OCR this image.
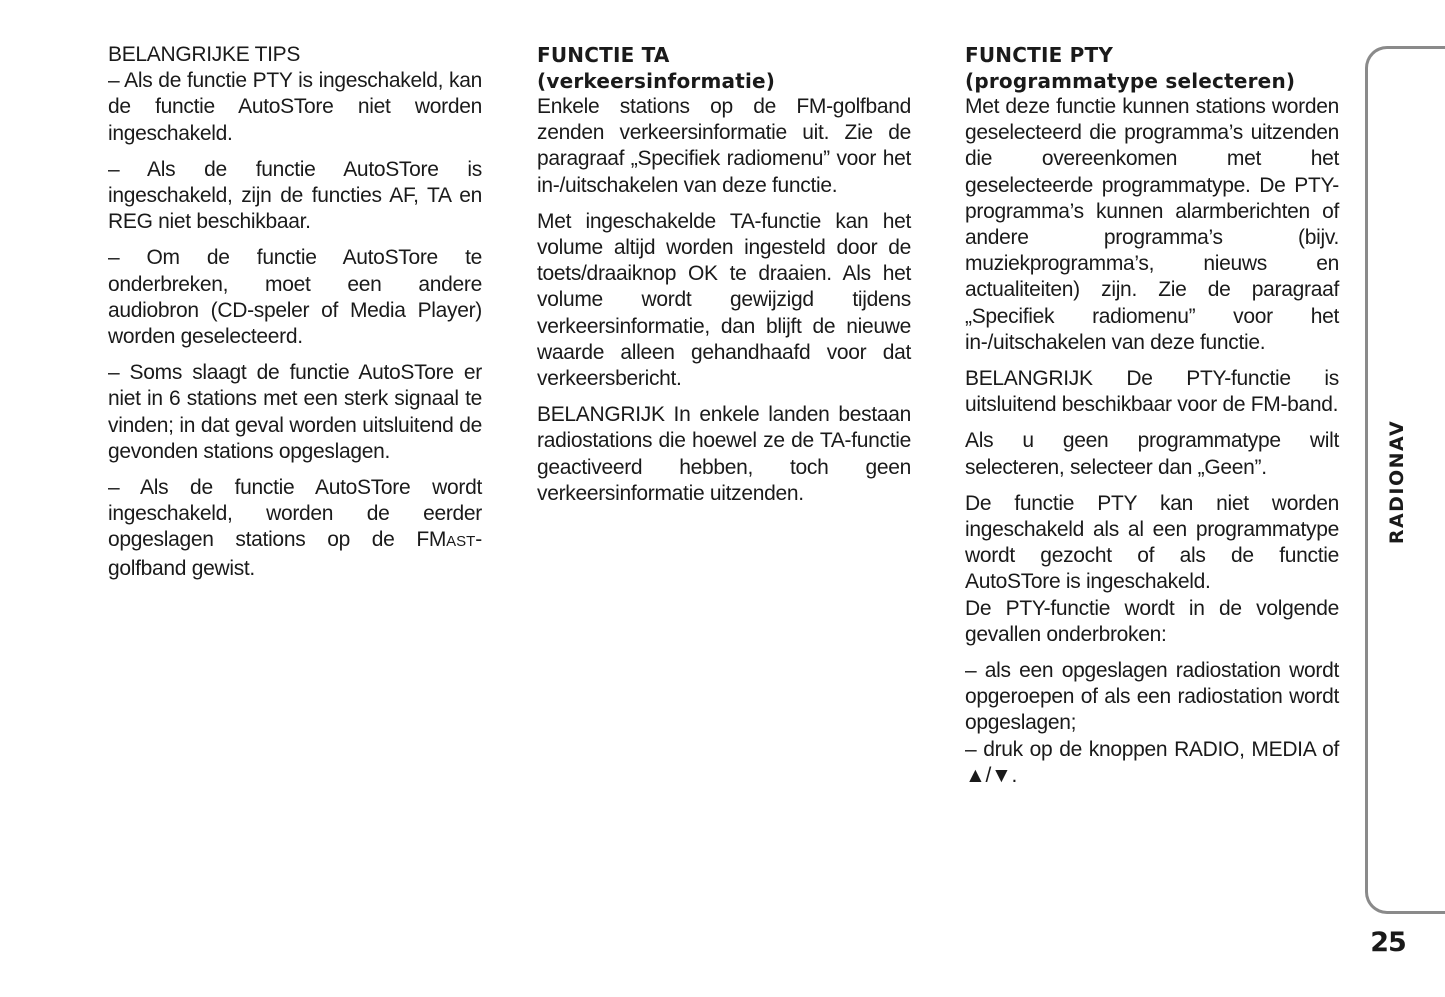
BELANGRIJKE TIPS

– Als de functie PTY is ingeschakeld, kan de functie AutoSTore niet worden ingeschakeld.

– Als de functie AutoSTore is ingeschakeld, zijn de functies AF, TA en REG niet beschikbaar.

– Om de functie AutoSTore te onderbreken, moet een andere audiobron (CD-speler of Media Player) worden geselecteerd.

– Soms slaagt de functie AutoSTore er niet in 6 stations met een sterk signaal te vinden; in dat geval worden uitsluitend de gevonden stations opgeslagen.

– Als de functie AutoSTore wordt ingeschakeld, worden de eerder opgeslagen stations op de FMAST-golfband gewist.

FUNCTIE TA
(verkeersinformatie)

Enkele stations op de FM-golfband zenden verkeersinformatie uit. Zie de paragraaf „Specifiek radiomenu” voor het in-/uitschakelen van deze functie.

Met ingeschakelde TA-functie kan het volume altijd worden ingesteld door de toets/draaiknop OK te draaien. Als het volume wordt gewijzigd tijdens verkeersinformatie, dan blijft de nieuwe waarde alleen gehandhaafd voor dat verkeersbericht.

BELANGRIJK In enkele landen bestaan radiostations die hoewel ze de TA-functie geactiveerd hebben, toch geen verkeersinformatie uitzenden.

FUNCTIE PTY
(programmatype selecteren)

Met deze functie kunnen stations worden geselecteerd die programma’s uitzenden die overeenkomen met het geselecteerde programmatype. De PTY-programma’s kunnen alarmberichten of andere programma’s (bijv. muziekprogramma’s, nieuws en actualiteiten) zijn. Zie de paragraaf „Specifiek radiomenu” voor het in-/uitschakelen van deze functie.

BELANGRIJK De PTY-functie is uitsluitend beschikbaar voor de FM-band.

Als u geen programmatype wilt selecteren, selecteer dan „Geen”.

De functie PTY kan niet worden ingeschakeld als al een programmatype wordt gezocht of als de functie AutoSTore is ingeschakeld.

De PTY-functie wordt in de volgende gevallen onderbroken:

– als een opgeslagen radiostation wordt opgeroepen of als een radiostation wordt opgeslagen;

– druk op de knoppen RADIO, MEDIA of ▲/▼.

RADIONAV
25
